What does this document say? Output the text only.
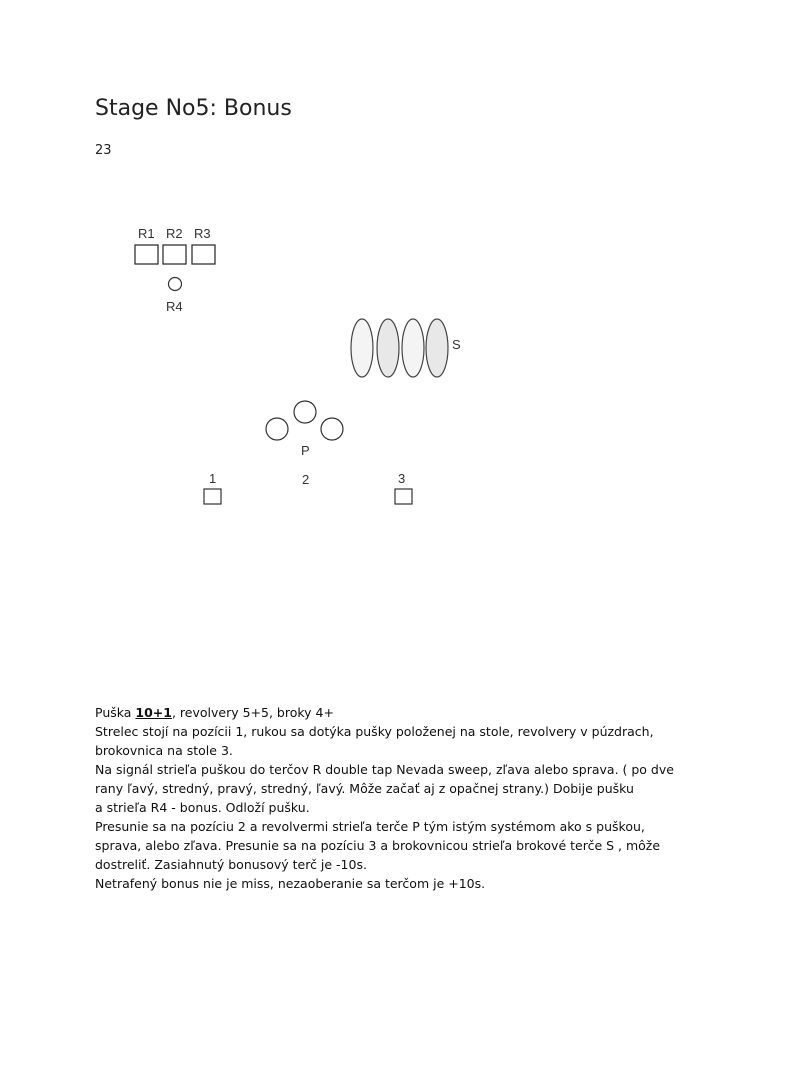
Stage No5: Bonus
23
R1 R2 R3
R4
S
P
1	2	3

Puška 10+1, revolvery 5+5, broky 4+

Strelec stojí na pozícii 1, rukou sa dotýka pušky položenej na stole, revolvery v púzdrach,

brokovnica na stole 3.

Na signál strieľa puškou do terčov R double tap Nevada sweep, zľava alebo sprava. ( po dve

rany ľavý, stredný, pravý, stredný, ľavý. Môže začať aj z opačnej strany.) Dobije pušku

a strieľa R4 - bonus. Odloží pušku.

Presunie sa na pozíciu 2 a revolvermi strieľa terče P tým istým systémom ako s puškou,

sprava, alebo zľava. Presunie sa na pozíciu 3 a brokovnicou strieľa brokové terče S , môže

dostreliť. Zasiahnutý bonusový terč je -10s.

Netrafený bonus nie je miss, nezaoberanie sa terčom je +10s.
